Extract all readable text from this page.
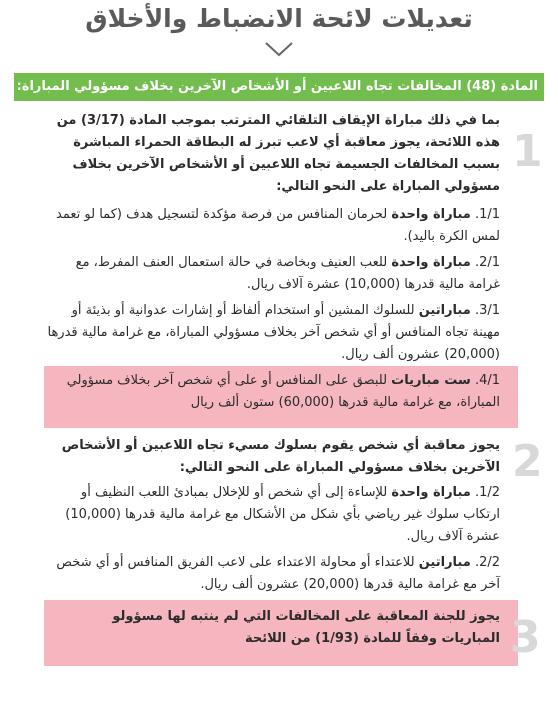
تعديلات لائحة الانضباط والأخلاق
المادة (48) المخالفات تجاه اللاعبين أو الأشخاص الآخرين بخلاف مسؤولي المباراة:
1
2
3
بما في ذلك مباراة الإيقاف التلقائي المترتب بموجب المادة (3/17) من هذه اللائحة، يجوز معاقبة أي لاعب تبرز له البطاقة الحمراء المباشرة بسبب المخالفات الجسيمة تجاه اللاعبين أو الأشخاص الآخرين بخلاف مسؤولي المباراة على النحو التالي:
1/1. مباراة واحدة لحرمان المنافس من فرصة مؤكدة لتسجيل هدف (كما لو تعمد لمس الكرة باليد).
2/1. مباراة واحدة للعب العنيف وبخاصة في حالة استعمال العنف المفرط، مع غرامة مالية قدرها (10,000) عشرة آلاف ريال.
3/1. مباراتين للسلوك المشين أو استخدام ألفاظ أو إشارات عدوانية أو بذيئة أو مهينة تجاه المنافس أو أي شخص آخر بخلاف مسؤولي المباراة، مع غرامة مالية قدرها (20,000) عشرون ألف ريال.
4/1. ست مباريات للبصق على المنافس أو على أي شخص آخر بخلاف مسؤولي المباراة، مع غرامة مالية قدرها (60,000) ستون ألف ريال
يجوز معاقبة أي شخص يقوم بسلوك مسيء تجاه اللاعبين أو الأشخاص الآخرين بخلاف مسؤولي المباراة على النحو التالي:
1/2. مباراة واحدة للإساءة إلى أي شخص أو للإخلال بمبادئ اللعب النظيف أو ارتكاب سلوك غير رياضي بأي شكل من الأشكال مع غرامة مالية قدرها (10,000) عشرة آلاف ريال.
2/2. مباراتين للاعتداء أو محاولة الاعتداء على لاعب الفريق المنافس أو أي شخص آخر مع غرامة مالية قدرها (20,000) عشرون ألف ريال.
يجوز للجنة المعاقبة على المخالفات التي لم ينتبه لها مسؤولو المباريات وفقاً للمادة (1/93) من اللائحة
